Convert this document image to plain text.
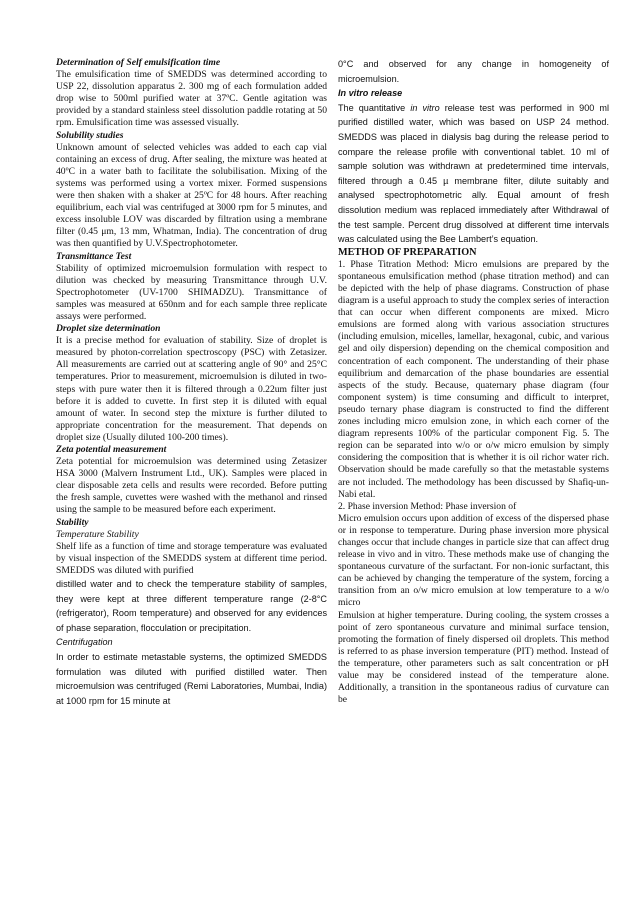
Determination of Self emulsification time

The emulsification time of SMEDDS was determined according to USP 22, dissolution apparatus 2. 300 mg of each formulation added drop wise to 500ml purified water at 37ºC. Gentle agitation was provided by a standard stainless steel dissolution paddle rotating at 50 rpm. Emulsification time was assessed visually.

Solubility studies

Unknown amount of selected vehicles was added to each cap vial containing an excess of drug. After sealing, the mixture was heated at 40ºC in a water bath to facilitate the solubilisation. Mixing of the systems was performed using a vortex mixer. Formed suspensions were then shaken with a shaker at 25ºC for 48 hours. After reaching equilibrium, each vial was centrifuged at 3000 rpm for 5 minutes, and excess insoluble LOV was discarded by filtration using a membrane filter (0.45 μm, 13 mm, Whatman, India). The concentration of drug was then quantified by U.V.Spectrophotometer.

Transmittance Test

Stability of optimized microemulsion formulation with respect to dilution was checked by measuring Transmittance through U.V. Spectrophotometer (UV-1700 SHIMADZU). Transmittance of samples was measured at 650nm and for each sample three replicate assays were performed.

Droplet size determination

It is a precise method for evaluation of stability. Size of droplet is measured by photon-correlation spectroscopy (PSC) with Zetasizer. All measurements are carried out at scattering angle of 90° and 25°C temperatures. Prior to measurement, microemulsion is diluted in two-steps with pure water then it is filtered through a 0.22um filter just before it is added to cuvette. In first step it is diluted with equal amount of water. In second step the mixture is further diluted to appropriate concentration for the measurement. That depends on droplet size (Usually diluted 100-200 times).

Zeta potential measurement

Zeta potential for microemulsion was determined using Zetasizer HSA 3000 (Malvern Instrument Ltd., UK). Samples were placed in clear disposable zeta cells and results were recorded. Before putting the fresh sample, cuvettes were washed with the methanol and rinsed using the sample to be measured before each experiment.

Stability

Temperature Stability

Shelf life as a function of time and storage temperature was evaluated by visual inspection of the SMEDDS system at different time period. SMEDDS was diluted with purified

distilled water and to check the temperature stability of samples, they were kept at three different temperature range (2-8°C (refrigerator), Room temperature) and observed for any evidences of phase separation, flocculation or precipitation.

Centrifugation

In order to estimate metastable systems, the optimized SMEDDS formulation was diluted with purified distilled water. Then microemulsion was centrifuged (Remi Laboratories, Mumbai, India) at 1000 rpm for 15 minute at

0°C and observed for any change in homogeneity of microemulsion.

In vitro release

The quantitative in vitro release test was performed in 900 ml purified distilled water, which was based on USP 24 method. SMEDDS was placed in dialysis bag during the release period to compare the release profile with conventional tablet. 10 ml of sample solution was withdrawn at predetermined time intervals, filtered through a 0.45 µ membrane filter, dilute suitably and analysed spectrophotometric ally. Equal amount of fresh dissolution medium was replaced immediately after Withdrawal of the test sample. Percent drug dissolved at different time intervals was calculated using the Bee Lambert’s equation.

METHOD OF PREPARATION

1. Phase Titration Method: Micro emulsions are prepared by the spontaneous emulsification method (phase titration method) and can be depicted with the help of phase diagrams. Construction of phase diagram is a useful approach to study the complex series of interaction that can occur when different components are mixed. Micro emulsions are formed along with various association structures (including emulsion, micelles, lamellar, hexagonal, cubic, and various gel and oily dispersion) depending on the chemical composition and concentration of each component. The understanding of their phase equilibrium and demarcation of the phase boundaries are essential aspects of the study. Because, quaternary phase diagram (four component system) is time consuming and difficult to interpret, pseudo ternary phase diagram is constructed to find the different zones including micro emulsion zone, in which each corner of the diagram represents 100% of the particular component Fig. 5. The region can be separated into w/o or o/w micro emulsion by simply considering the composition that is whether it is oil richor water rich. Observation should be made carefully so that the metastable systems are not included. The methodology has been discussed by Shafiq-un-Nabi etal.

2. Phase inversion Method: Phase inversion of

Micro emulsion occurs upon addition of excess of the dispersed phase or in response to temperature. During phase inversion more physical changes occur that include changes in particle size that can affect drug release in vivo and in vitro. These methods make use of changing the spontaneous curvature of the surfactant. For non-ionic surfactant, this can be achieved by changing the temperature of the system, forcing a transition from an o/w micro emulsion at low temperature to a w/o micro

Emulsion at higher temperature. During cooling, the system crosses a point of zero spontaneous curvature and minimal surface tension, promoting the formation of finely dispersed oil droplets. This method is referred to as phase inversion temperature (PIT) method. Instead of the temperature, other parameters such as salt concentration or pH value may be considered instead of the temperature alone. Additionally, a transition in the spontaneous radius of curvature can be
